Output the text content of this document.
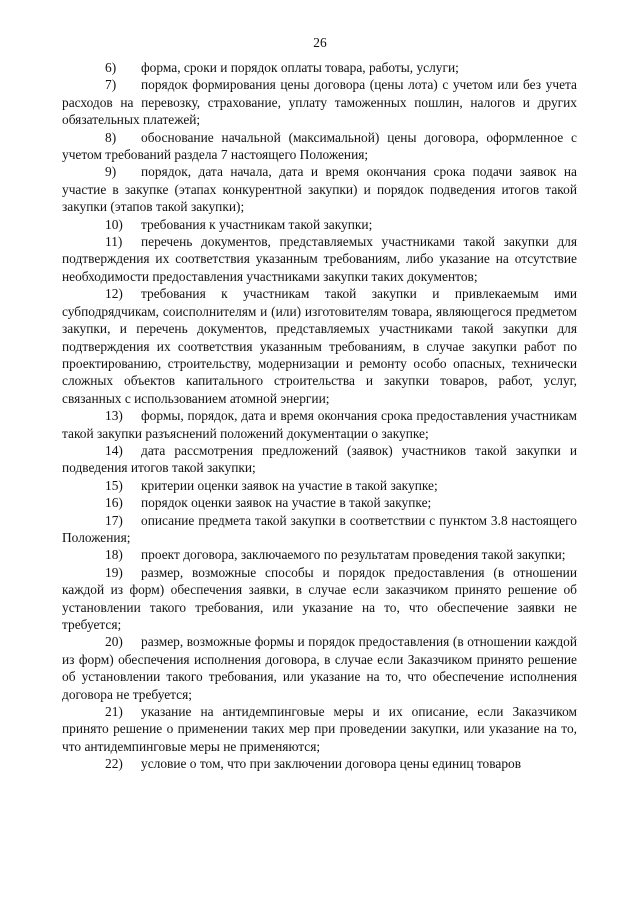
26

6) форма, сроки и порядок оплаты товара, работы, услуги;

7) порядок формирования цены договора (цены лота) с учетом или без учета расходов на перевозку, страхование, уплату таможенных пошлин, налогов и других обязательных платежей;

8) обоснование начальной (максимальной) цены договора, оформленное с учетом требований раздела 7 настоящего Положения;

9) порядок, дата начала, дата и время окончания срока подачи заявок на участие в закупке (этапах конкурентной закупки) и порядок подведения итогов такой закупки (этапов такой закупки);

10) требования к участникам такой закупки;

11) перечень документов, представляемых участниками такой закупки для подтверждения их соответствия указанным требованиям, либо указание на отсутствие необходимости предоставления участниками закупки таких документов;

12) требования к участникам такой закупки и привлекаемым ими субподрядчикам, соисполнителям и (или) изготовителям товара, являющегося предметом закупки, и перечень документов, представляемых участниками такой закупки для подтверждения их соответствия указанным требованиям, в случае закупки работ по проектированию, строительству, модернизации и ремонту особо опасных, технически сложных объектов капитального строительства и закупки товаров, работ, услуг, связанных с использованием атомной энергии;

13) формы, порядок, дата и время окончания срока предоставления участникам такой закупки разъяснений положений документации о закупке;

14) дата рассмотрения предложений (заявок) участников такой закупки и подведения итогов такой закупки;

15) критерии оценки заявок на участие в такой закупке;

16) порядок оценки заявок на участие в такой закупке;

17) описание предмета такой закупки в соответствии с пунктом 3.8 настоящего Положения;

18) проект договора, заключаемого по результатам проведения такой закупки;

19) размер, возможные способы и порядок предоставления (в отношении каждой из форм) обеспечения заявки, в случае если заказчиком принято решение об установлении такого требования, или указание на то, что обеспечение заявки не требуется;

20) размер, возможные формы и порядок предоставления (в отношении каждой из форм) обеспечения исполнения договора, в случае если Заказчиком принято решение об установлении такого требования, или указание на то, что обеспечение исполнения договора не требуется;

21) указание на антидемпинговые меры и их описание, если Заказчиком принято решение о применении таких мер при проведении закупки, или указание на то, что антидемпинговые меры не применяются;

22) условие о том, что при заключении договора цены единиц товаров
